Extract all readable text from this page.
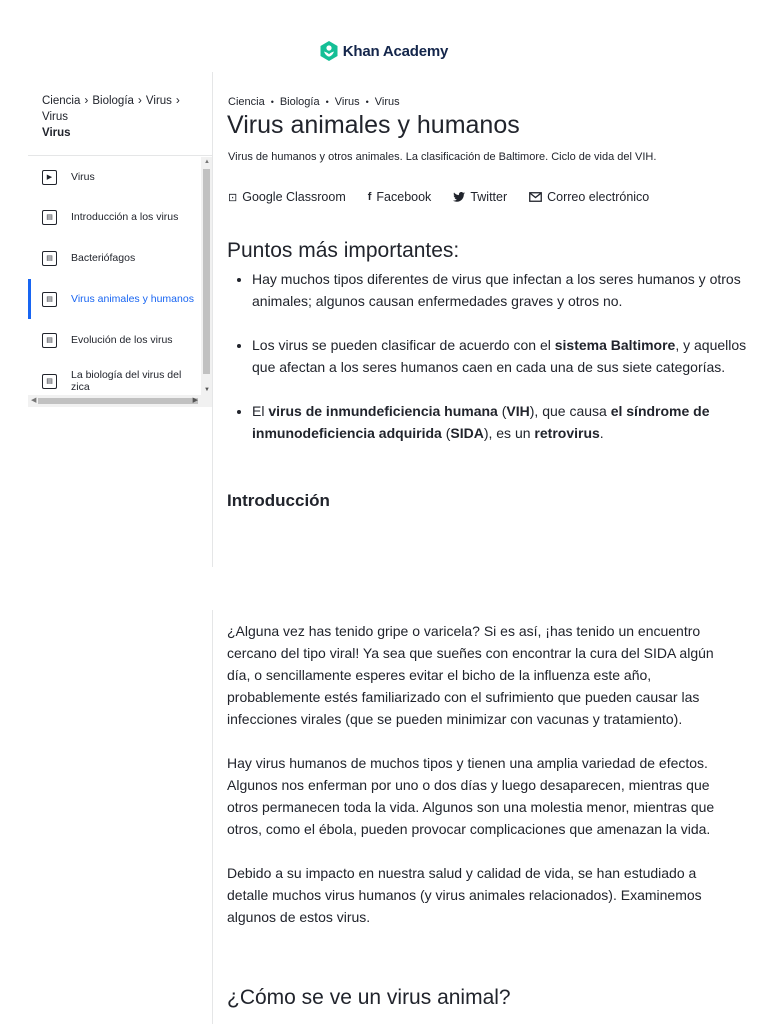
Khan Academy
Ciencia › Biología › Virus ›
Virus
Virus
▶	Virus
▤	Introducción a los virus
▤	Bacteriófagos
▤	Virus animales y humanos
▤	Evolución de los virus
▤
La biología del virus del zica
▲
▼
◀	▶
Ciencia • Biología • Virus • Virus
Virus animales y humanos
Virus de humanos y otros animales. La clasificación de Baltimore. Ciclo de vida del VIH.
⊡ Google Classroom f Facebook	Twitter	Correo electrónico
Puntos más importantes:
• Hay muchos tipos diferentes de virus que infectan a los seres humanos y otros animales; algunos causan enfermedades graves y otros no.
• Los virus se pueden clasificar de acuerdo con el sistema Baltimore, y aquellos que afectan a los seres humanos caen en cada una de sus siete categorías.
• El virus de inmundeficiencia humana (VIH), que causa el síndrome de inmunodeficiencia adquirida (SIDA), es un retrovirus.
Introducción

¿Alguna vez has tenido gripe o varicela? Si es así, ¡has tenido un encuentro cercano del tipo viral! Ya sea que sueñes con encontrar la cura del SIDA algún día, o sencillamente esperes evitar el bicho de la influenza este año, probablemente estés familiarizado con el sufrimiento que pueden causar las infecciones virales (que se pueden minimizar con vacunas y tratamiento).

Hay virus humanos de muchos tipos y tienen una amplia variedad de efectos. Algunos nos enferman por uno o dos días y luego desaparecen, mientras que otros permanecen toda la vida. Algunos son una molestia menor, mientras que otros, como el ébola, pueden provocar complicaciones que amenazan la vida.

Debido a su impacto en nuestra salud y calidad de vida, se han estudiado a detalle muchos virus humanos (y virus animales relacionados). Examinemos algunos de estos virus.

¿Cómo se ve un virus animal?
